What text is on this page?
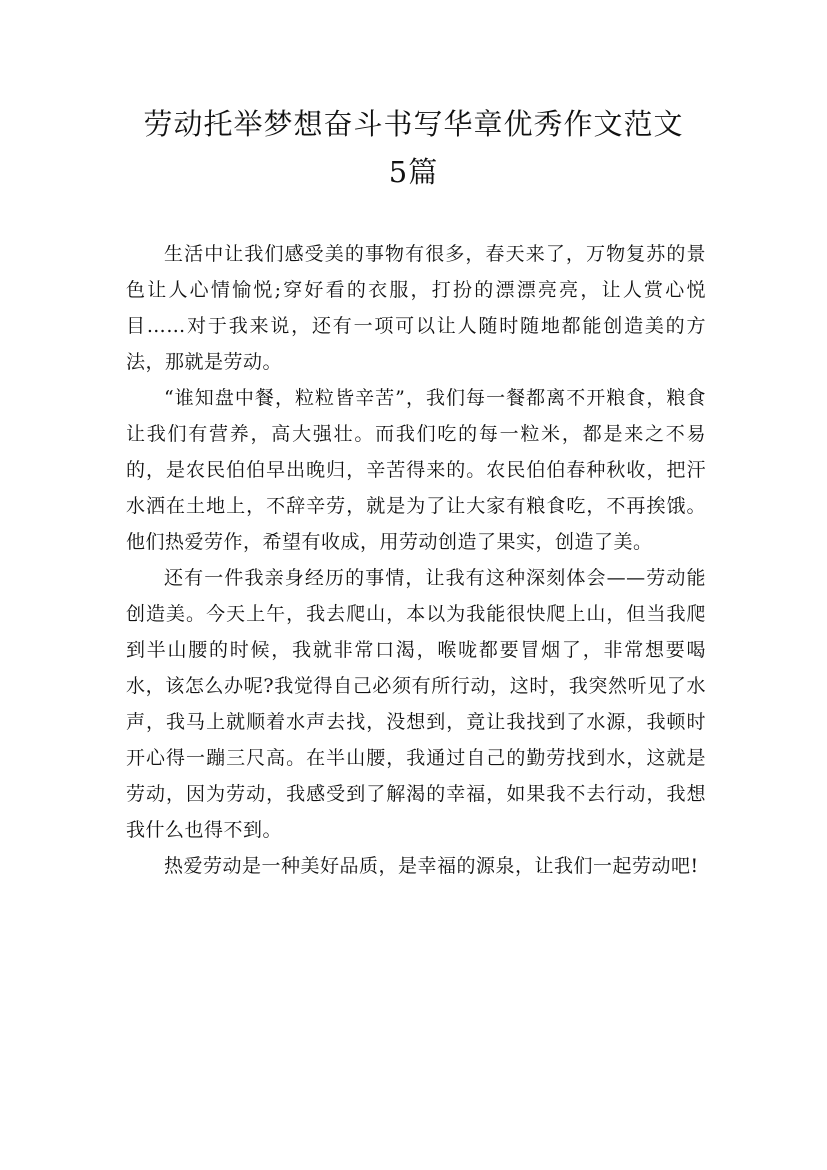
劳动托举梦想奋斗书写华章优秀作文范文
5篇

生活中让我们感受美的事物有很多，春天来了，万物复苏的景色让人心情愉悦;穿好看的衣服，打扮的漂漂亮亮，让人赏心悦目……对于我来说，还有一项可以让人随时随地都能创造美的方法，那就是劳动。

“谁知盘中餐，粒粒皆辛苦”，我们每一餐都离不开粮食，粮食让我们有营养，高大强壮。而我们吃的每一粒米，都是来之不易的，是农民伯伯早出晚归，辛苦得来的。农民伯伯春种秋收，把汗水洒在土地上，不辞辛劳，就是为了让大家有粮食吃，不再挨饿。他们热爱劳作，希望有收成，用劳动创造了果实，创造了美。

还有一件我亲身经历的事情，让我有这种深刻体会——劳动能创造美。今天上午，我去爬山，本以为我能很快爬上山，但当我爬到半山腰的时候，我就非常口渴，喉咙都要冒烟了，非常想要喝水，该怎么办呢?我觉得自己必须有所行动，这时，我突然听见了水声，我马上就顺着水声去找，没想到，竟让我找到了水源，我顿时开心得一蹦三尺高。在半山腰，我通过自己的勤劳找到水，这就是劳动，因为劳动，我感受到了解渴的幸福，如果我不去行动，我想我什么也得不到。

热爱劳动是一种美好品质，是幸福的源泉，让我们一起劳动吧!
